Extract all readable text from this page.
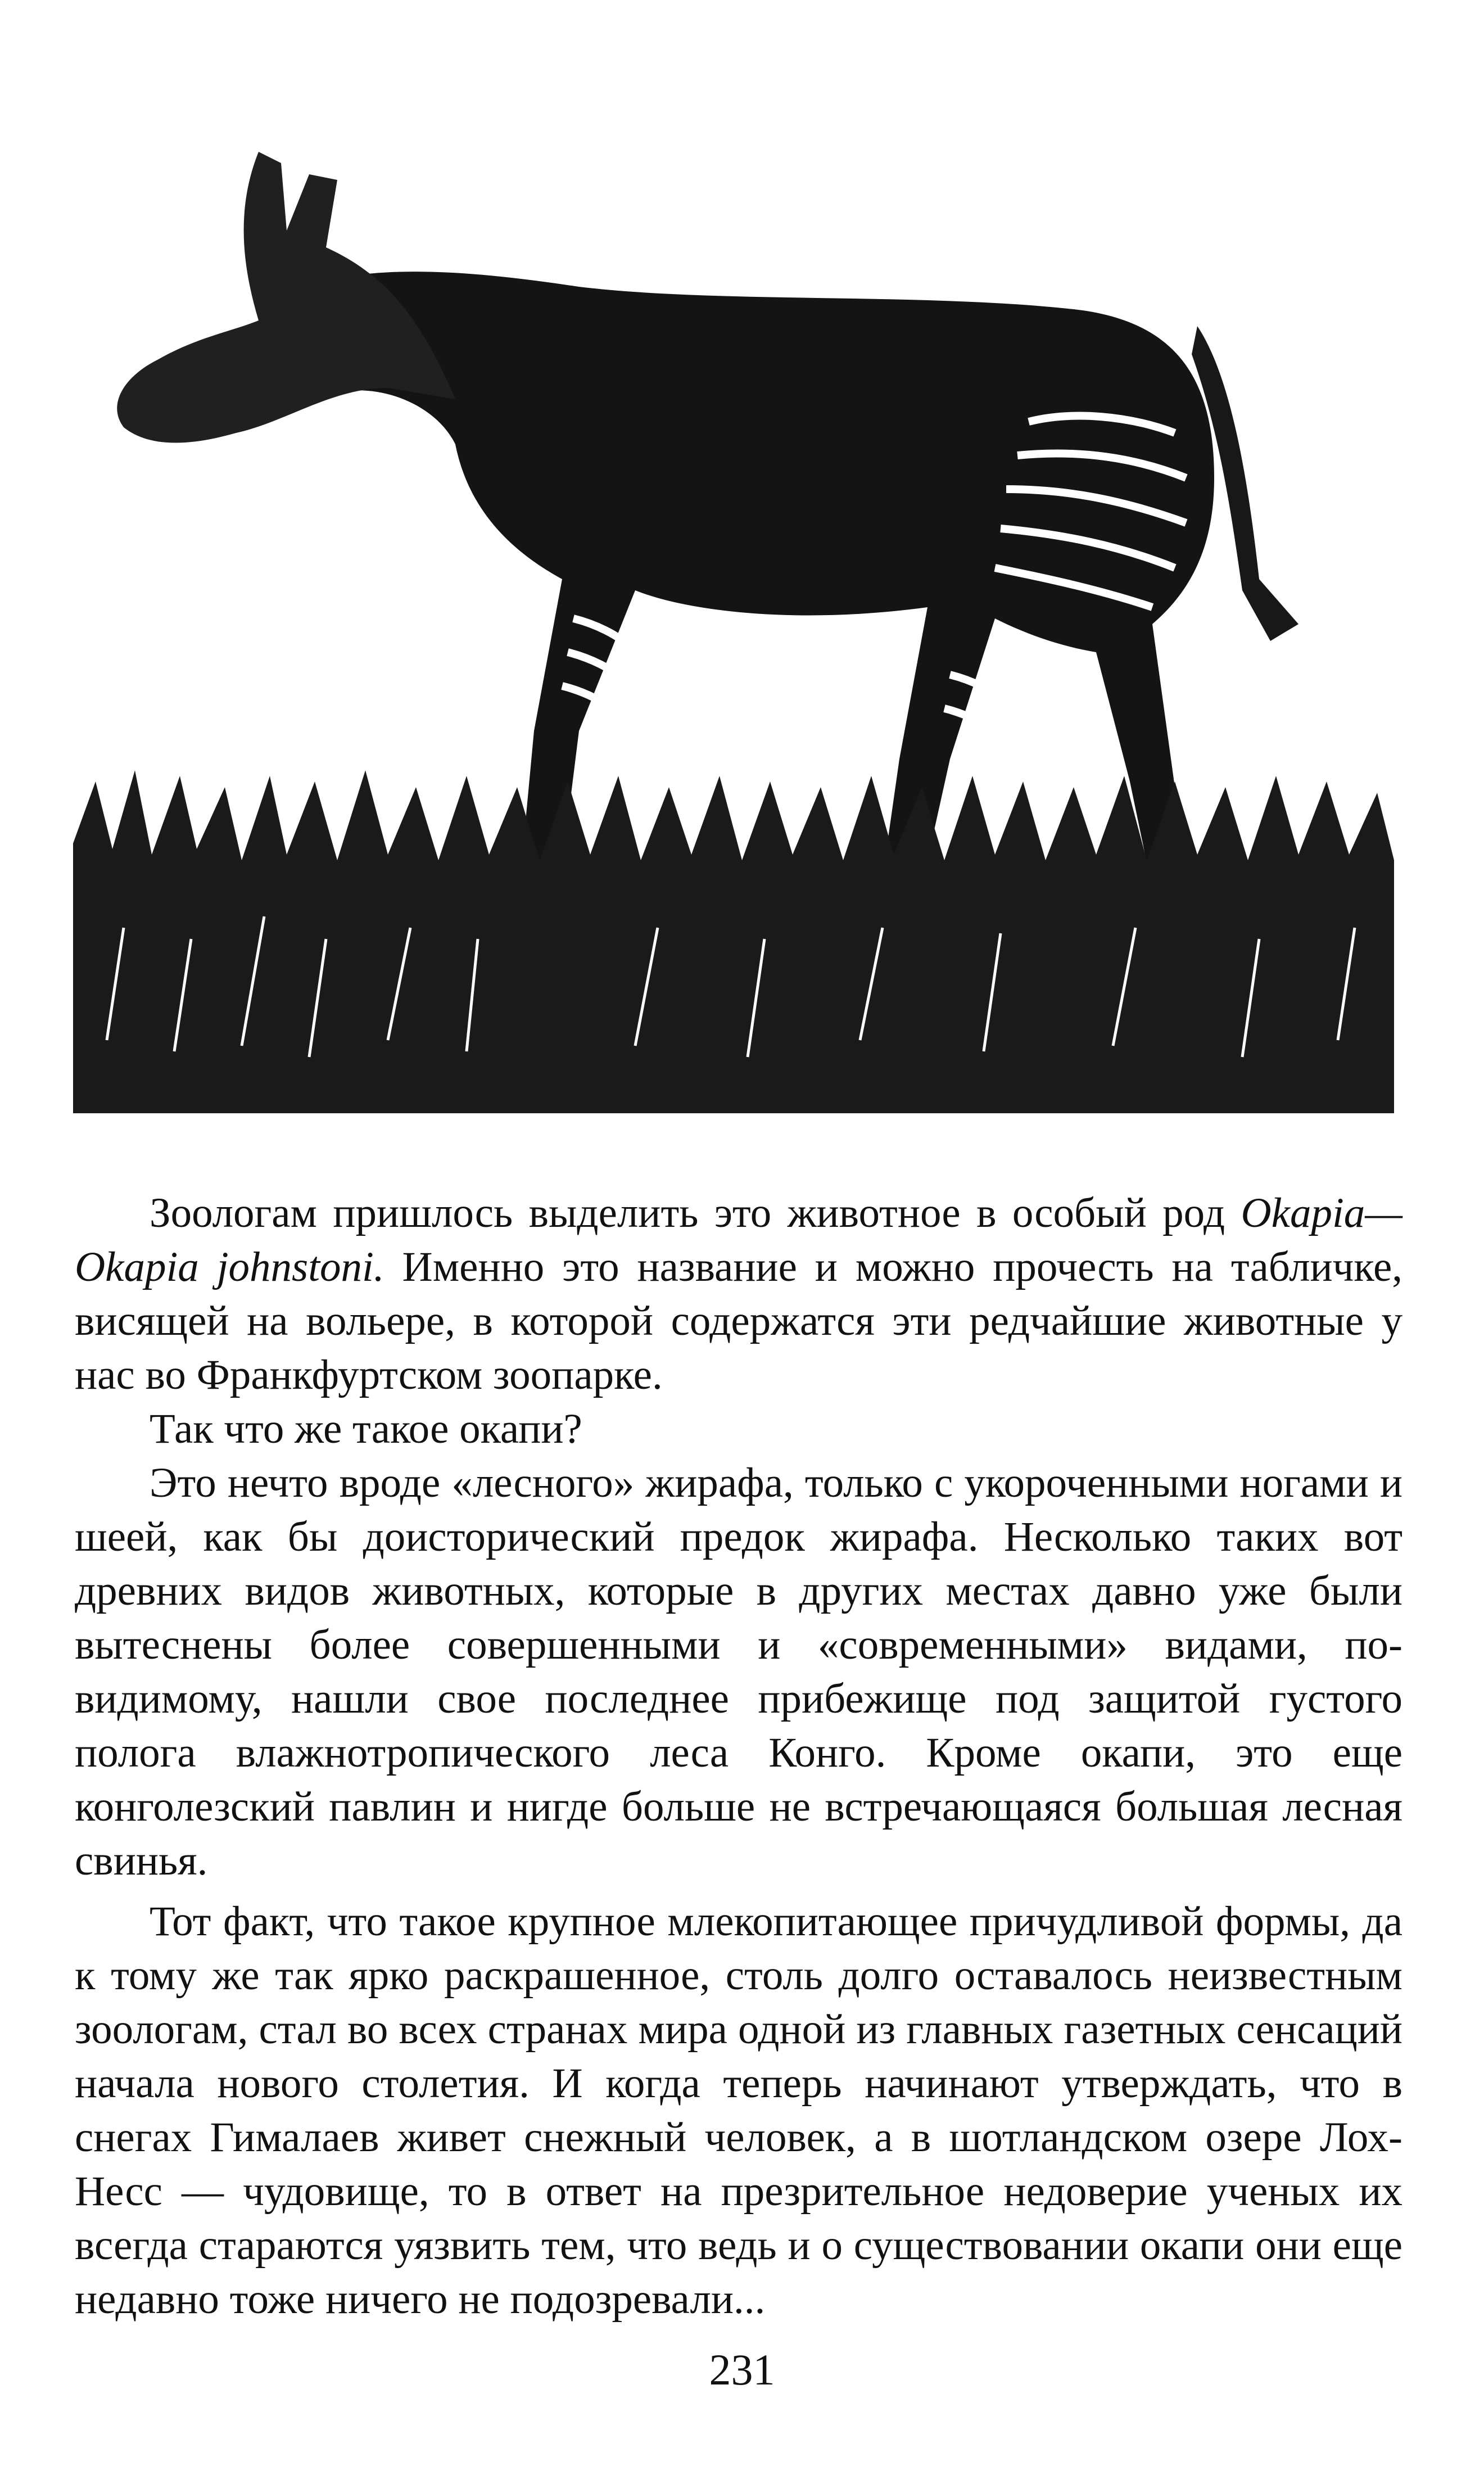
Зоологам пришлось выделить это животное в особый род Okapia— Okapia johnstoni. Именно это название и можно прочесть на табличке, висящей на вольере, в которой содержатся эти редчайшие животные у нас во Франкфуртском зоопарке.

Так что же такое окапи?

Это нечто вроде «лесного» жирафа, только с укороченными ногами и шеей, как бы доисторический предок жирафа. Несколько таких вот древних видов животных, которые в других местах давно уже были вытеснены более совершенными и «современными» видами, по-видимому, нашли свое последнее прибежище под защитой густого полога влажнотропического леса Конго. Кроме окапи, это еще конголезский павлин и нигде больше не встречающаяся большая лесная свинья.

Тот факт, что такое крупное млекопитающее причудливой формы, да к тому же так ярко раскрашенное, столь долго оставалось неизвестным зоологам, стал во всех странах мира одной из главных газетных сенсаций начала нового столетия. И когда теперь начинают утверждать, что в снегах Гималаев живет снежный человек, а в шотландском озере Лох-Несс — чудовище, то в ответ на презрительное недоверие ученых их всегда стараются уязвить тем, что ведь и о существовании окапи они еще недавно тоже ничего не подозревали...

231
